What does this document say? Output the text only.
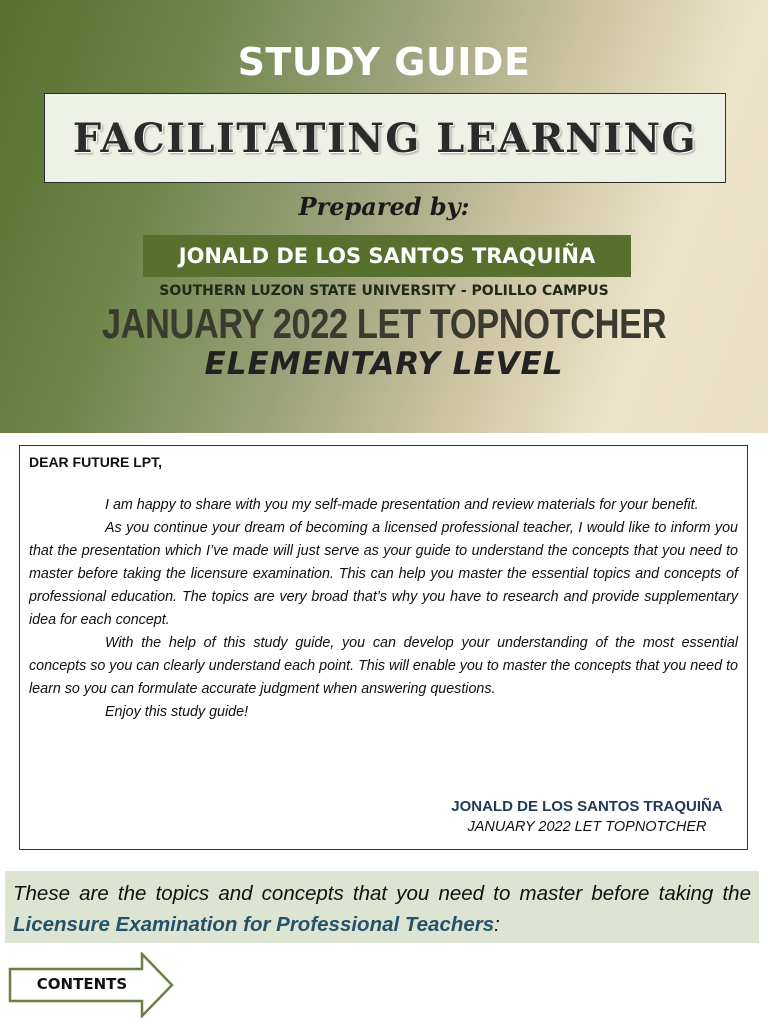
STUDY GUIDE
FACILITATING LEARNING
Prepared by:
JONALD DE LOS SANTOS TRAQUIÑA
SOUTHERN LUZON STATE UNIVERSITY - POLILLO CAMPUS
JANUARY 2022 LET TOPNOTCHER
ELEMENTARY LEVEL

DEAR FUTURE LPT,

I am happy to share with you my self-made presentation and review materials for your benefit.

As you continue your dream of becoming a licensed professional teacher, I would like to inform you that the presentation which I’ve made will just serve as your guide to understand the concepts that you need to master before taking the licensure examination. This can help you master the essential topics and concepts of professional education. The topics are very broad that’s why you have to research and provide supplementary idea for each concept.

With the help of this study guide, you can develop your understanding of the most essential concepts so you can clearly understand each point. This will enable you to master the concepts that you need to learn so you can formulate accurate judgment when answering questions.

Enjoy this study guide!

JONALD DE LOS SANTOS TRAQUIÑA
JANUARY 2022 LET TOPNOTCHER
These are the topics and concepts that you need to master before taking the Licensure Examination for Professional Teachers:
CONTENTS
